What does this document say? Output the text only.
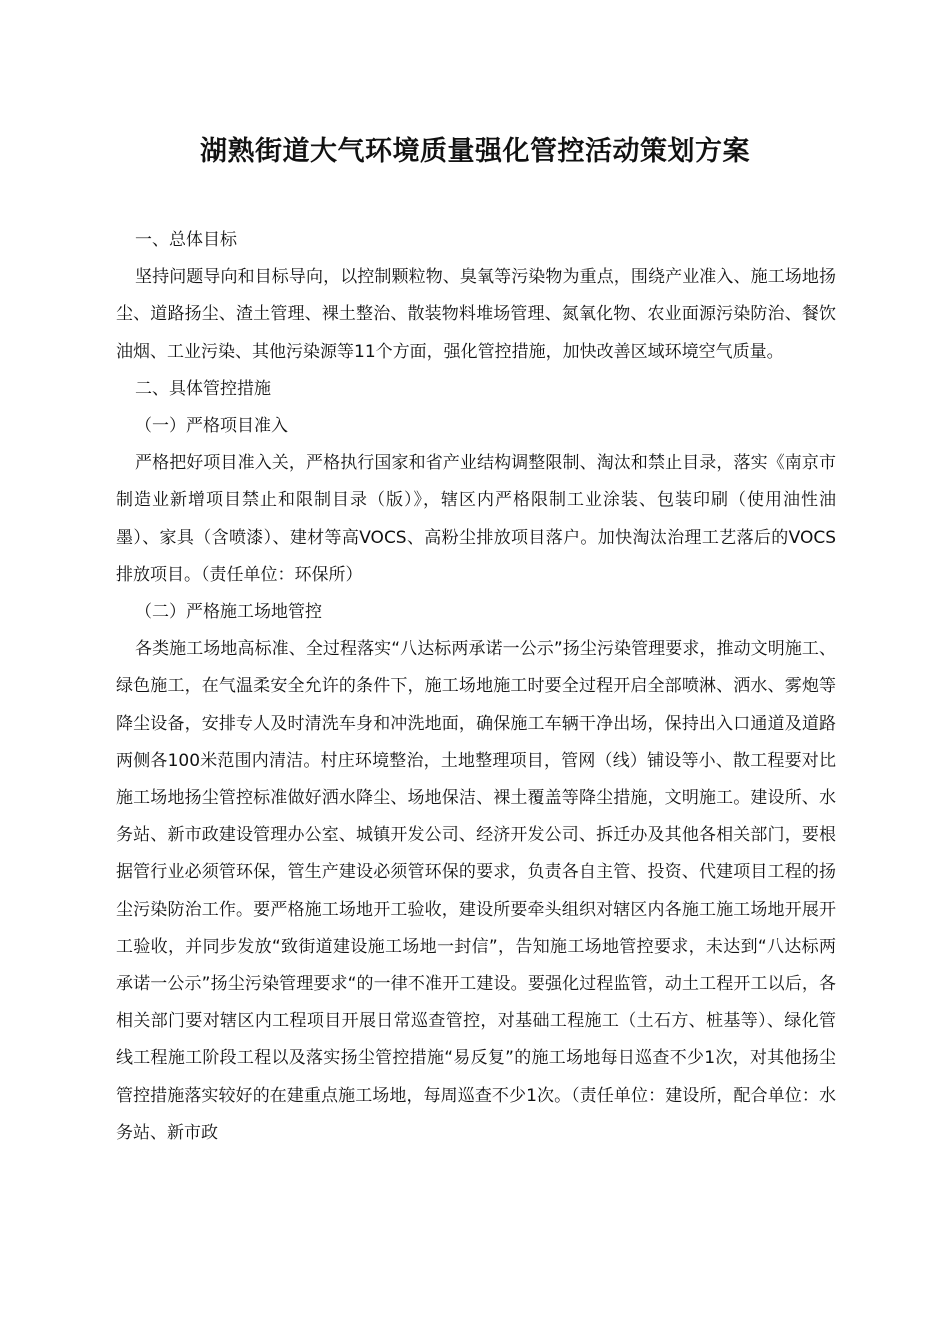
湖熟街道大气环境质量强化管控活动策划方案

一、总体目标

坚持问题导向和目标导向，以控制颗粒物、臭氧等污染物为重点，围绕产业准入、施工场地扬尘、道路扬尘、渣土管理、裸土整治、散装物料堆场管理、氮氧化物、农业面源污染防治、餐饮油烟、工业污染、其他污染源等11个方面，强化管控措施，加快改善区域环境空气质量。

二、具体管控措施

（一）严格项目准入

严格把好项目准入关，严格执行国家和省产业结构调整限制、淘汰和禁止目录，落实《南京市制造业新增项目禁止和限制目录（版）》，辖区内严格限制工业涂装、包装印刷（使用油性油墨）、家具（含喷漆）、建材等高VOCS、高粉尘排放项目落户。加快淘汰治理工艺落后的VOCS排放项目。（责任单位：环保所）

（二）严格施工场地管控

各类施工场地高标准、全过程落实“八达标两承诺一公示”扬尘污染管理要求，推动文明施工、绿色施工，在气温柔安全允许的条件下，施工场地施工时要全过程开启全部喷淋、洒水、雾炮等降尘设备，安排专人及时清洗车身和冲洗地面，确保施工车辆干净出场，保持出入口通道及道路两侧各100米范围内清洁。村庄环境整治，土地整理项目，管网（线）铺设等小、散工程要对比施工场地扬尘管控标准做好洒水降尘、场地保洁、裸土覆盖等降尘措施，文明施工。建设所、水务站、新市政建设管理办公室、城镇开发公司、经济开发公司、拆迁办及其他各相关部门，要根据管行业必须管环保，管生产建设必须管环保的要求，负责各自主管、投资、代建项目工程的扬尘污染防治工作。要严格施工场地开工验收，建设所要牵头组织对辖区内各施工施工场地开展开工验收，并同步发放“致街道建设施工场地一封信”，告知施工场地管控要求，未达到“八达标两承诺一公示”扬尘污染管理要求“的一律不准开工建设。要强化过程监管，动土工程开工以后，各相关部门要对辖区内工程项目开展日常巡查管控，对基础工程施工（土石方、桩基等）、绿化管线工程施工阶段工程以及落实扬尘管控措施“易反复”的施工场地每日巡查不少1次，对其他扬尘管控措施落实较好的在建重点施工场地，每周巡查不少1次。（责任单位：建设所，配合单位：水务站、新市政
